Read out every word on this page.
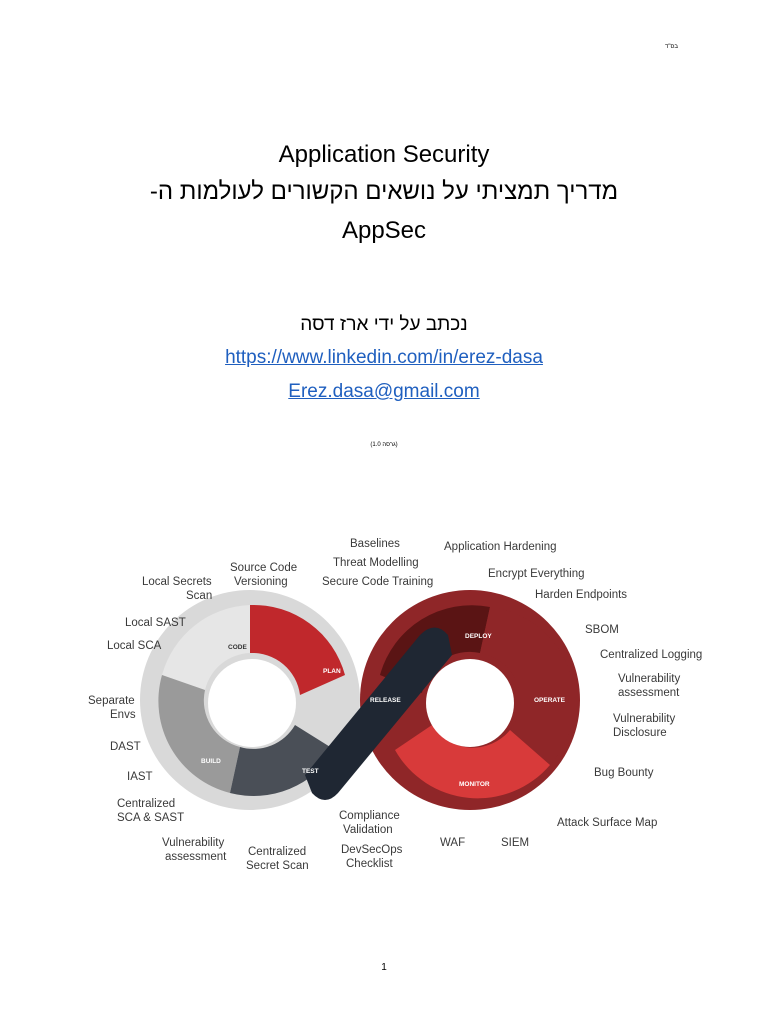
בס"ד
Application Security
מדריך תמציתי על נושאים הקשורים לעולמות ה-
AppSec
נכתב על ידי ארז דסה
https://www.linkedin.com/in/erez-dasa
Erez.dasa@gmail.com
(גרסה 1.0)
CODE
PLAN
BUILD
TEST
RELEASE
DEPLOY
OPERATE
MONITOR
Baselines
Threat Modelling
Secure Code Training
Application Hardening
Encrypt Everything
Harden Endpoints
SBOM
Centralized Logging
Vulnerability
assessment
Vulnerability
Disclosure
Bug Bounty
Attack Surface Map
SIEM
WAF
Compliance
Validation
DevSecOps
Checklist
Centralized
Secret Scan
Vulnerability
assessment
Centralized
SCA & SAST
IAST
DAST
Separate
Envs
Local SCA
Local SAST
Local Secrets
Scan
Source Code
Versioning
1
